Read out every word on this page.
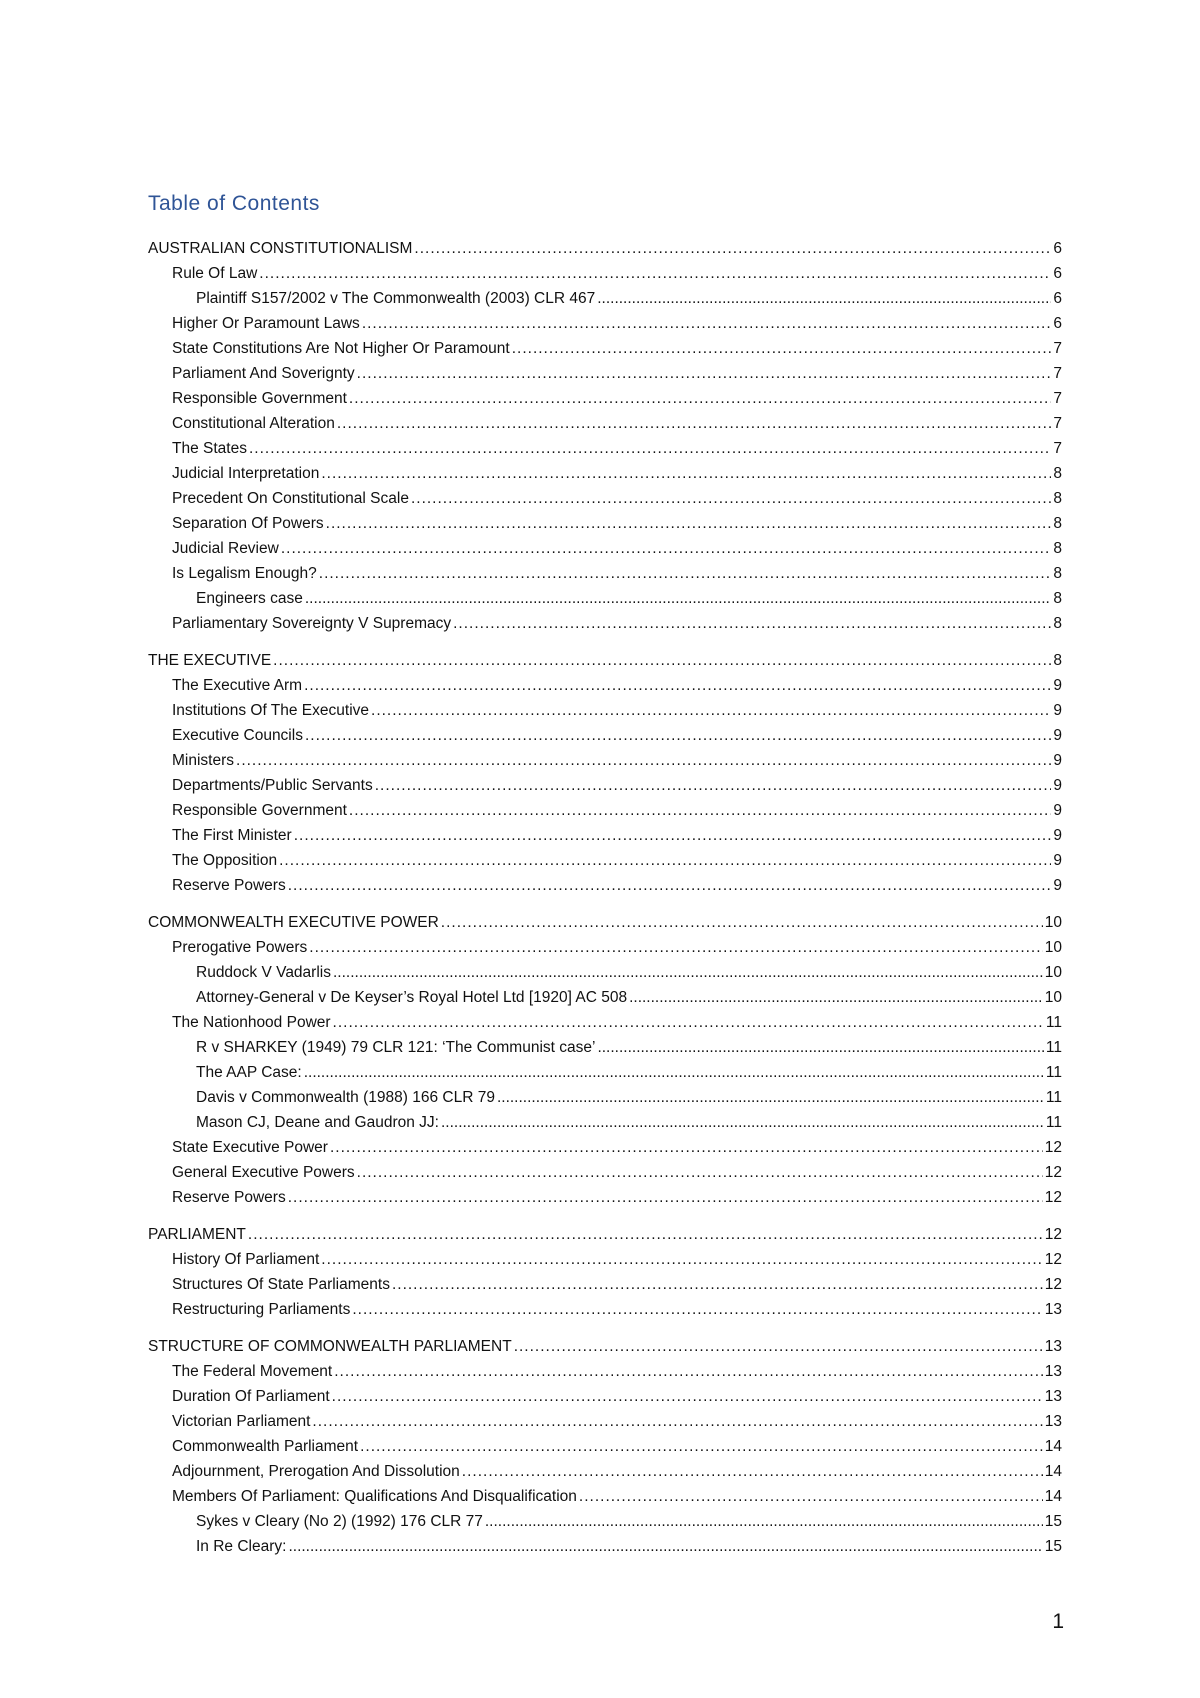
Table of Contents
AUSTRALIAN CONSTITUTIONALISM .....	6
Rule Of Law .....	6
Plaintiff S157/2002 v The Commonwealth (2003) CLR 467 .....	6
Higher Or Paramount Laws .....	6
State Constitutions Are Not Higher Or Paramount .....	7
Parliament And Soverignty .....	7
Responsible Government .....	7
Constitutional Alteration .....	7
The States .....	7
Judicial Interpretation .....	8
Precedent On Constitutional Scale .....	8
Separation Of Powers .....	8
Judicial Review .....	8
Is Legalism Enough? .....	8
Engineers case .....	8
Parliamentary Sovereignty V Supremacy .....	8
THE EXECUTIVE .....	8
The Executive Arm .....	9
Institutions Of The Executive .....	9
Executive Councils .....	9
Ministers .....	9
Departments/Public Servants .....	9
Responsible Government .....	9
The First Minister .....	9
The Opposition .....	9
Reserve Powers .....	9
COMMONWEALTH EXECUTIVE POWER .....	10
Prerogative Powers .....	10
Ruddock V Vadarlis .....	10
Attorney-General v De Keyser’s Royal Hotel Ltd [1920] AC 508 .....	10
The Nationhood Power .....	11
R v SHARKEY (1949) 79 CLR 121: ‘The Communist case’ .....	11
The AAP Case: .....	11
Davis v Commonwealth (1988) 166 CLR 79 .....	11
Mason CJ, Deane and Gaudron JJ: .....	11
State Executive Power .....	12
General Executive Powers .....	12
Reserve Powers .....	12
PARLIAMENT .....	12
History Of Parliament .....	12
Structures Of State Parliaments .....	12
Restructuring Parliaments .....	13
STRUCTURE OF COMMONWEALTH PARLIAMENT .....	13
The Federal Movement .....	13
Duration Of Parliament .....	13
Victorian Parliament .....	13
Commonwealth Parliament .....	14
Adjournment, Prerogation And Dissolution .....	14
Members Of Parliament: Qualifications And Disqualification .....	14
Sykes v Cleary (No 2) (1992) 176 CLR 77 .....	15
In Re Cleary: .....	15
1
